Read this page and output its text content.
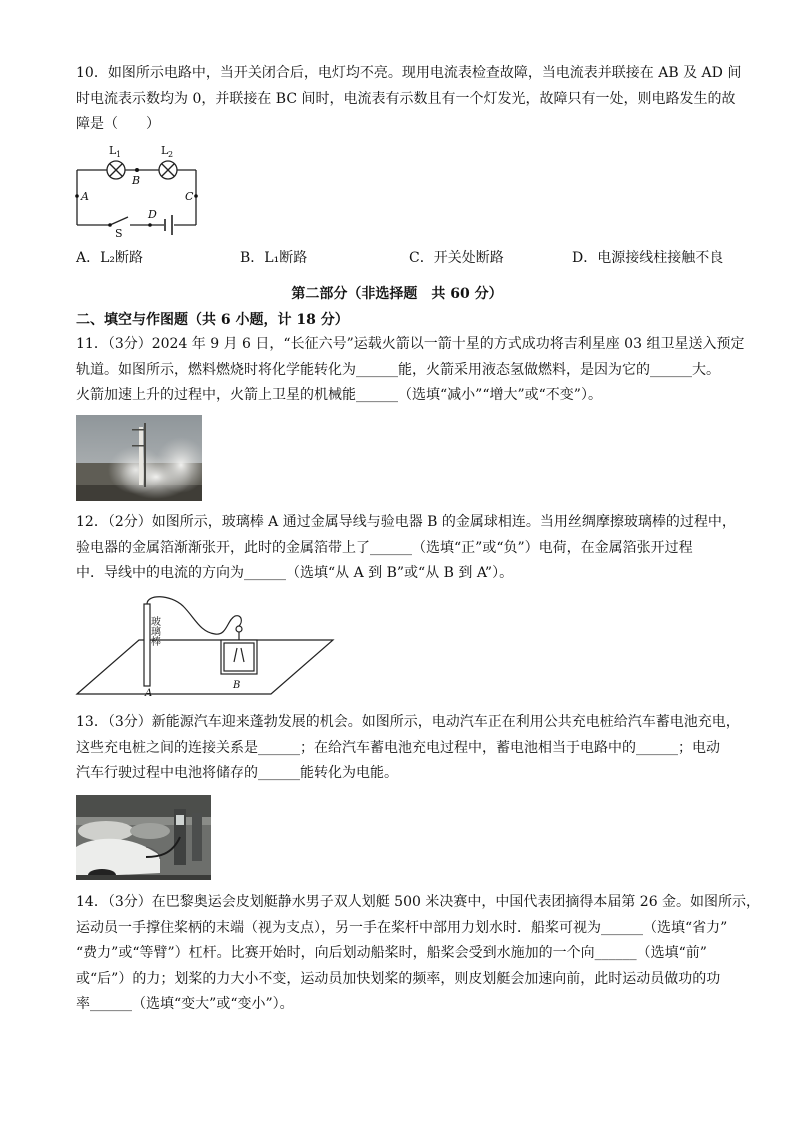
10．如图所示电路中，当开关闭合后，电灯均不亮。现用电流表检查故障，当电流表并联接在 AB 及 AD 间
时电流表示数均为 0，并联接在 BC 间时，电流表有示数且有一个灯发光，故障只有一处，则电路发生的故
障是（　　）
L 1	L 2
A
B
C
D
S
A．L₂断路	B．L₁断路	C．开关处断路	D．电源接线柱接触不良
第二部分（非选择题　共 60 分）
二、填空与作图题（共 6 小题，计 18 分）
11．（3分）2024 年 9 月 6 日，“长征六号”运载火箭以一箭十星的方式成功将吉利星座 03 组卫星送入预定
轨道。如图所示，燃料燃烧时将化学能转化为______能，火箭采用液态氢做燃料，是因为它的______大。
火箭加速上升的过程中，火箭上卫星的机械能______（选填“减小”“增大”或“不变”）。
12．（2分）如图所示，玻璃棒 A 通过金属导线与验电器 B 的金属球相连。当用丝绸摩擦玻璃棒的过程中，
验电器的金属箔渐渐张开，此时的金属箔带上了______（选填“正”或“负”）电荷，在金属箔张开过程
中．导线中的电流的方向为______（选填“从 A 到 B”或“从 B 到 A”）。
玻璃棒
A
B
13．（3分）新能源汽车迎来蓬勃发展的机会。如图所示，电动汽车正在利用公共充电桩给汽车蓄电池充电，
这些充电桩之间的连接关系是______；在给汽车蓄电池充电过程中，蓄电池相当于电路中的______；电动
汽车行驶过程中电池将储存的______能转化为电能。
14．（3分）在巴黎奥运会皮划艇静水男子双人划艇 500 米决赛中，中国代表团摘得本届第 26 金。如图所示，
运动员一手撑住桨柄的末端（视为支点），另一手在桨杆中部用力划水时．船桨可视为______（选填“省力”
“费力”或“等臂”）杠杆。比赛开始时，向后划动船桨时，船桨会受到水施加的一个向______（选填“前”
或“后”）的力；划桨的力大小不变，运动员加快划桨的频率，则皮划艇会加速向前，此时运动员做功的功
率______（选填“变大”或“变小”）。
